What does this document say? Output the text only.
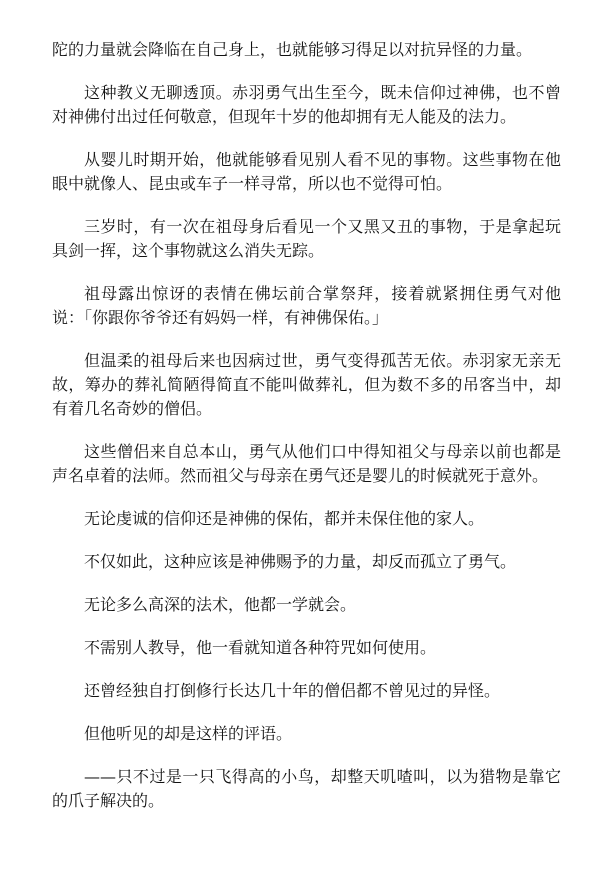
陀的力量就会降临在自己身上，也就能够习得足以对抗异怪的力量。

这种教义无聊透顶。赤羽勇气出生至今，既未信仰过神佛，也不曾对神佛付出过任何敬意，但现年十岁的他却拥有无人能及的法力。

从婴儿时期开始，他就能够看见别人看不见的事物。这些事物在他眼中就像人、昆虫或车子一样寻常，所以也不觉得可怕。

三岁时，有一次在祖母身后看见一个又黑又丑的事物，于是拿起玩具剑一挥，这个事物就这么消失无踪。

祖母露出惊讶的表情在佛坛前合掌祭拜，接着就紧拥住勇气对他说：「你跟你爷爷还有妈妈一样，有神佛保佑。」

但温柔的祖母后来也因病过世，勇气变得孤苦无依。赤羽家无亲无故，筹办的葬礼简陋得简直不能叫做葬礼，但为数不多的吊客当中，却有着几名奇妙的僧侣。

这些僧侣来自总本山，勇气从他们口中得知祖父与母亲以前也都是声名卓着的法师。然而祖父与母亲在勇气还是婴儿的时候就死于意外。

无论虔诚的信仰还是神佛的保佑，都并未保住他的家人。

不仅如此，这种应该是神佛赐予的力量，却反而孤立了勇气。

无论多么高深的法术，他都一学就会。

不需别人教导，他一看就知道各种符咒如何使用。

还曾经独自打倒修行长达几十年的僧侣都不曾见过的异怪。

但他听见的却是这样的评语。

——只不过是一只飞得高的小鸟，却整天叽喳叫，以为猎物是靠它的爪子解决的。
